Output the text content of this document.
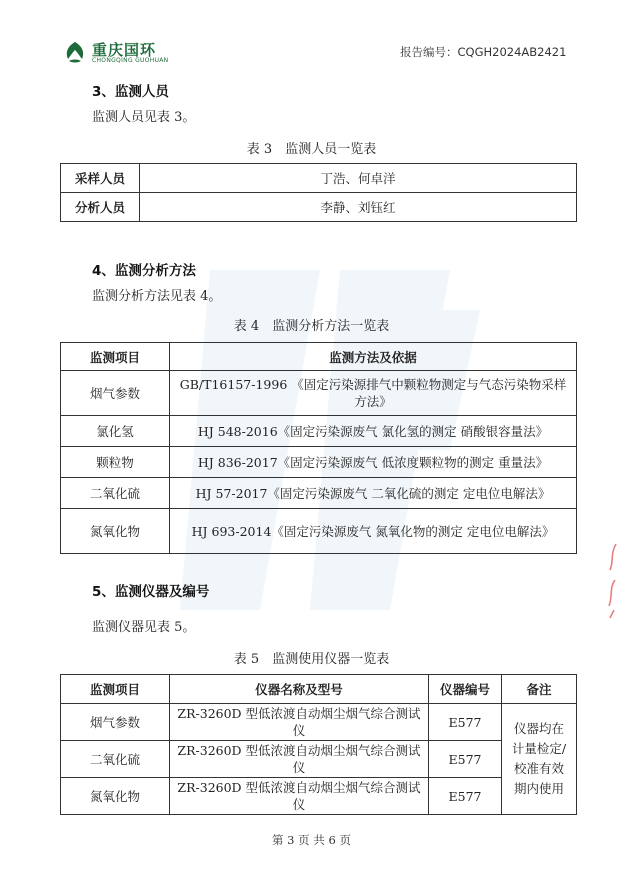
重庆国环
CHONGQING GUOHUAN
报告编号：CQGH2024AB2421
3、监测人员
监测人员见表 3。
表 3　监测人员一览表
采样人员	丁浩、何卓洋
分析人员	李静、刘钰红
4、监测分析方法
监测分析方法见表 4。
表 4　监测分析方法一览表
监测项目	监测方法及依据
烟气参数	GB/T16157-1996 《固定污染源排气中颗粒物测定与气态污染物采样方法》
氯化氢	HJ 548-2016《固定污染源废气 氯化氢的测定 硝酸银容量法》
颗粒物	HJ 836-2017《固定污染源废气 低浓度颗粒物的测定 重量法》
二氧化硫	HJ 57-2017《固定污染源废气 二氧化硫的测定 定电位电解法》
氮氧化物	HJ 693-2014《固定污染源废气 氮氧化物的测定 定电位电解法》
5、监测仪器及编号
监测仪器见表 5。
表 5　监测使用仪器一览表
监测项目	仪器名称及型号	仪器编号	备注
烟气参数	ZR-3260D 型低浓渡自动烟尘烟气综合测试仪	E577	仪器均在计量检定/校准有效期内使用
二氧化硫	ZR-3260D 型低浓渡自动烟尘烟气综合测试仪	E577	
氮氧化物	ZR-3260D 型低浓渡自动烟尘烟气综合测试仪	E577	
第 3 页 共 6 页
